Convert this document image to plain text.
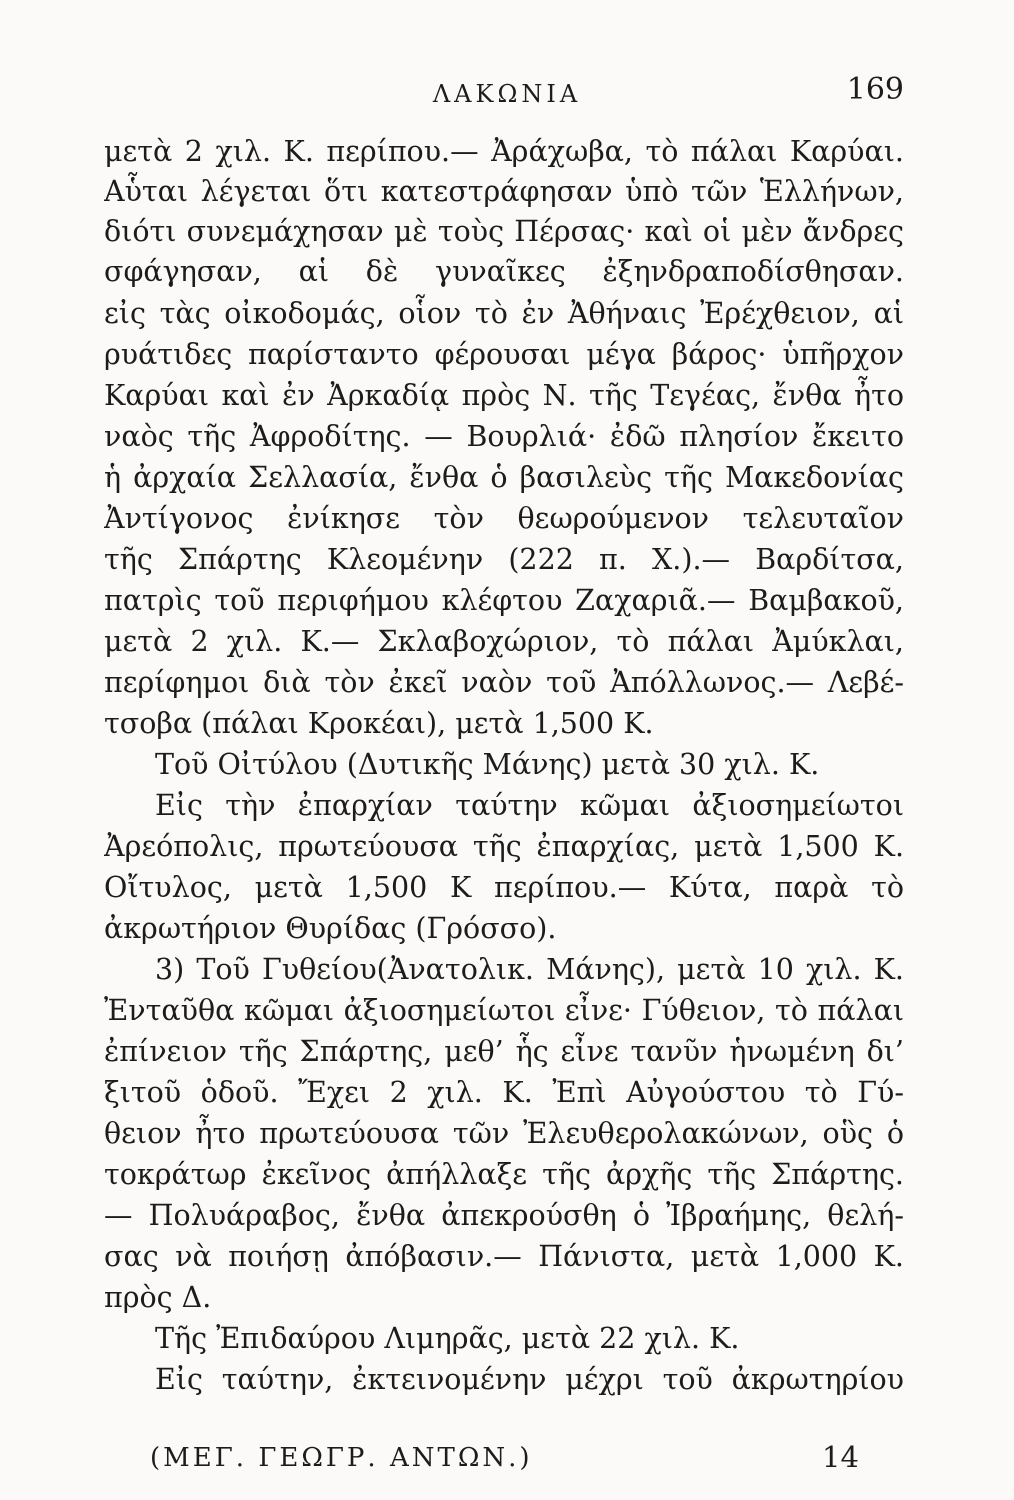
ΛΑΚΩΝΙΑ	169
μετὰ 2 χιλ. Κ. περίπου.— Ἀράχωβα, τὸ πάλαι Καρύαι.
Αὗται λέγεται ὅτι κατεστράφησαν ὑπὸ τῶν Ἑλλήνων,
διότι συνεμάχησαν μὲ τοὺς Πέρσας· καὶ οἱ μὲν ἄνδρες
σφάγησαν, αἱ δὲ γυναῖκες ἐξηνδραποδίσθησαν.
εἰς τὰς οἰκοδομάς, οἷον τὸ ἐν Ἀθήναις Ἐρέχθειον, αἱ
ρυάτιδες παρίσταντο φέρουσαι μέγα βάρος· ὑπῆρχον
Καρύαι καὶ ἐν Ἀρκαδίᾳ πρὸς Ν. τῆς Τεγέας, ἔνθα ἦτο
ναὸς τῆς Ἀφροδίτης. — Βουρλιά· ἐδῶ πλησίον ἔκειτο
ἡ ἀρχαία Σελλασία, ἔνθα ὁ βασιλεὺς τῆς Μακεδονίας
Ἀντίγονος ἐνίκησε τὸν θεωρούμενον τελευταῖον
τῆς Σπάρτης Κλεομένην (222 π. Χ.).— Βαρδίτσα,
πατρὶς τοῦ περιφήμου κλέφτου Ζαχαριᾶ.— Βαμβακοῦ,
μετὰ 2 χιλ. Κ.— Σκλαβοχώριον, τὸ πάλαι Ἀμύκλαι,
περίφημοι διὰ τὸν ἐκεῖ ναὸν τοῦ Ἀπόλλωνος.— Λεβέ-
τσοβα (πάλαι Κροκέαι), μετὰ 1,500 Κ.
Τοῦ Οἰτύλου (Δυτικῆς Μάνης) μετὰ 30 χιλ. Κ.
Εἰς τὴν ἐπαρχίαν ταύτην κῶμαι ἀξιοσημείωτοι
Ἀρεόπολις, πρωτεύουσα τῆς ἐπαρχίας, μετὰ 1,500 Κ.
Οἴτυλος, μετὰ 1,500 Κ περίπου.— Κύτα, παρὰ τὸ
ἀκρωτήριον Θυρίδας (Γρόσσο).
3) Τοῦ Γυθείου(Ἀνατολικ. Μάνης), μετὰ 10 χιλ. Κ.
Ἐνταῦθα κῶμαι ἀξιοσημείωτοι εἶνε· Γύθειον, τὸ πάλαι
ἐπίνειον τῆς Σπάρτης, μεθ’ ἧς εἶνε τανῦν ἡνωμένη δι’
ξιτοῦ ὁδοῦ. Ἔχει 2 χιλ. Κ. Ἐπὶ Αὐγούστου τὸ Γύ-
θειον ἦτο πρωτεύουσα τῶν Ἐλευθερολακώνων, οὓς ὁ
τοκράτωρ ἐκεῖνος ἀπήλλαξε τῆς ἀρχῆς τῆς Σπάρτης.
— Πολυάραβος, ἔνθα ἀπεκρούσθη ὁ Ἰβραήμης, θελή-
σας νὰ ποιήσῃ ἀπόβασιν.— Πάνιστα, μετὰ 1,000 Κ.
πρὸς Δ.
Τῆς Ἐπιδαύρου Λιμηρᾶς, μετὰ 22 χιλ. Κ.
Εἰς ταύτην, ἐκτεινομένην μέχρι τοῦ ἀκρωτηρίου
(ΜΕΓ. ΓΕΩΓΡ. ΑΝΤΩΝ.)	14
